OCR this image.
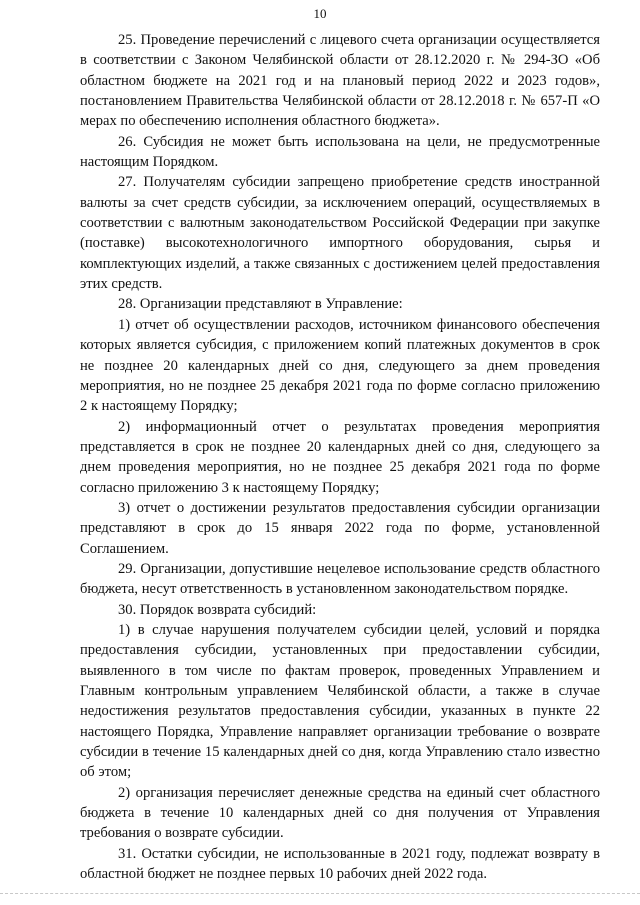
10

25. Проведение перечислений с лицевого счета организации осуществляется в соответствии с Законом Челябинской области от 28.12.2020 г. № 294-ЗО «Об областном бюджете на 2021 год и на плановый период 2022 и 2023 годов», постановлением Правительства Челябинской области от 28.12.2018 г. № 657-П «О мерах по обеспечению исполнения областного бюджета».

26. Субсидия не может быть использована на цели, не предусмотренные настоящим Порядком.

27. Получателям субсидии запрещено приобретение средств иностранной валюты за счет средств субсидии, за исключением операций, осуществляемых в соответствии с валютным законодательством Российской Федерации при закупке (поставке) высокотехнологичного импортного оборудования, сырья и комплектующих изделий, а также связанных с достижением целей предоставления этих средств.

28. Организации представляют в Управление:

1) отчет об осуществлении расходов, источником финансового обеспечения которых является субсидия, с приложением копий платежных документов в срок не позднее 20 календарных дней со дня, следующего за днем проведения мероприятия, но не позднее 25 декабря 2021 года по форме согласно приложению 2 к настоящему Порядку;

2) информационный отчет о результатах проведения мероприятия представляется в срок не позднее 20 календарных дней со дня, следующего за днем проведения мероприятия, но не позднее 25 декабря 2021 года по форме согласно приложению 3 к настоящему Порядку;

3) отчет о достижении результатов предоставления субсидии организации представляют в срок до 15 января 2022 года по форме, установленной Соглашением.

29. Организации, допустившие нецелевое использование средств областного бюджета, несут ответственность в установленном законодательством порядке.

30. Порядок возврата субсидий:

1) в случае нарушения получателем субсидии целей, условий и порядка предоставления субсидии, установленных при предоставлении субсидии, выявленного в том числе по фактам проверок, проведенных Управлением и Главным контрольным управлением Челябинской области, а также в случае недостижения результатов предоставления субсидии, указанных в пункте 22 настоящего Порядка, Управление направляет организации требование о возврате субсидии в течение 15 календарных дней со дня, когда Управлению стало известно об этом;

2) организация перечисляет денежные средства на единый счет областного бюджета в течение 10 календарных дней со дня получения от Управления требования о возврате субсидии.

31. Остатки субсидии, не использованные в 2021 году, подлежат возврату в областной бюджет не позднее первых 10 рабочих дней 2022 года.
